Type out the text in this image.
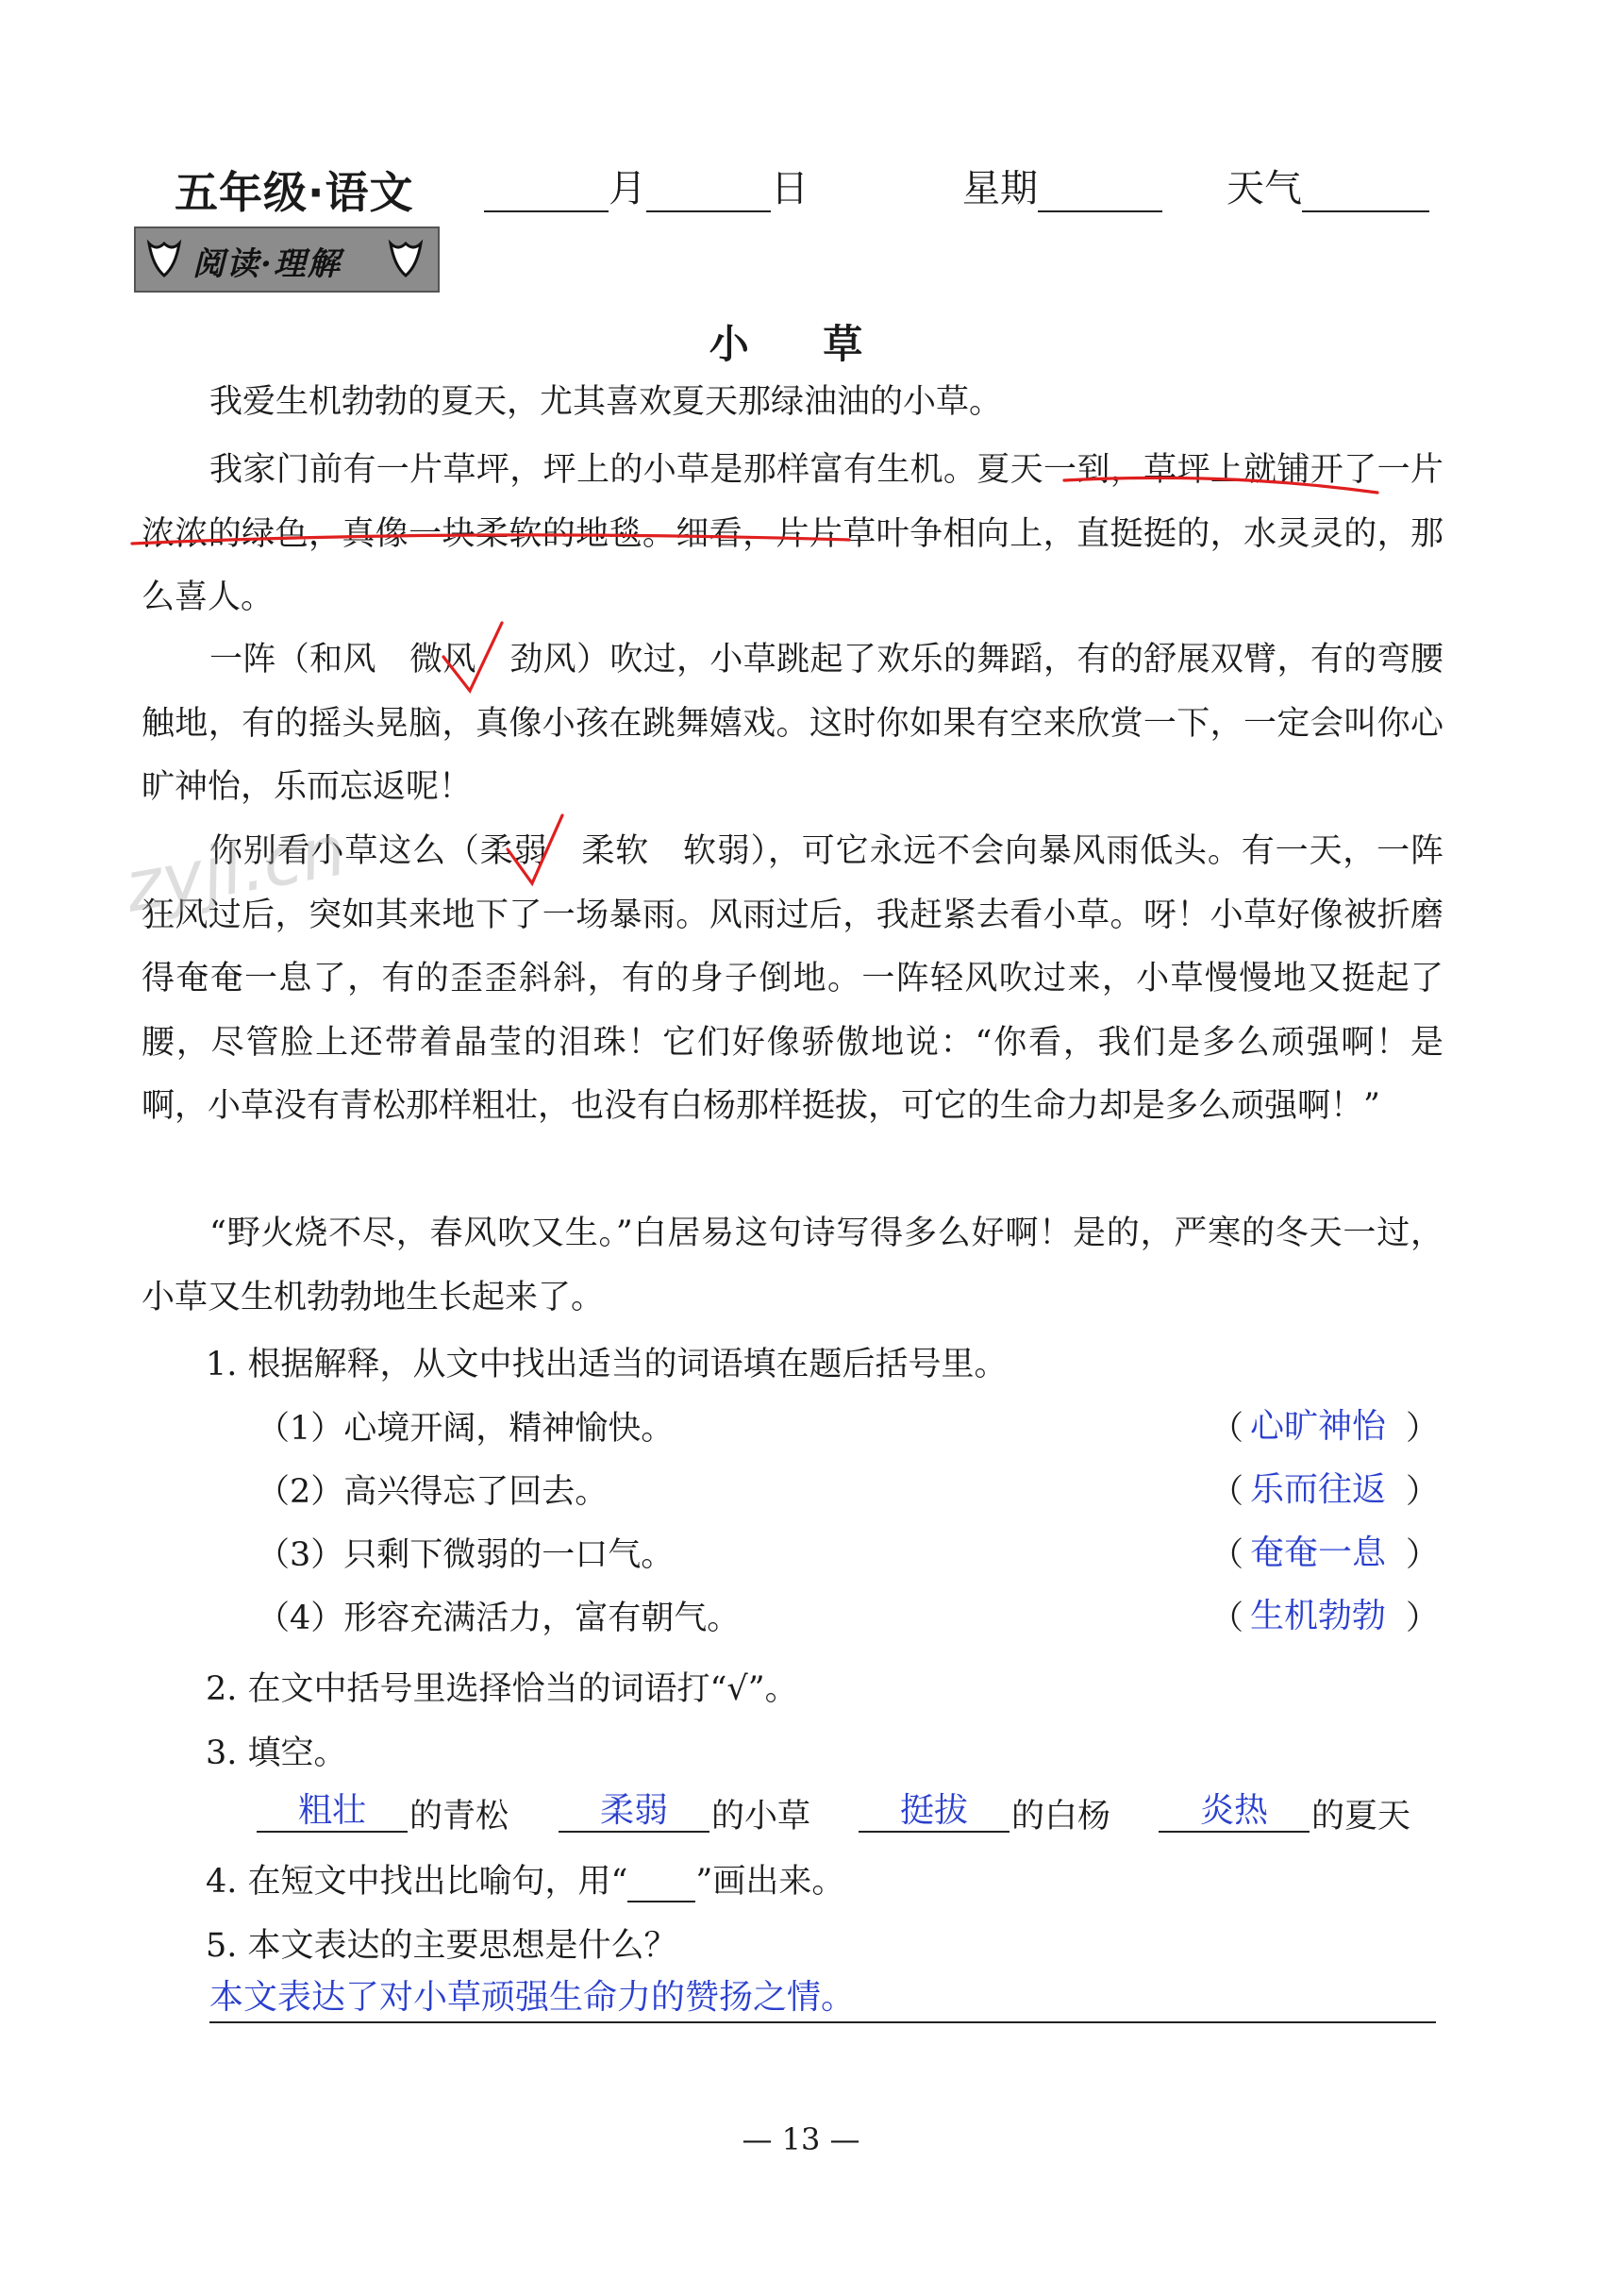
五年级·语文	月	日	星期	天气
阅读·理解
小 草
我爱生机勃勃的夏天，尤其喜欢夏天那绿油油的小草。
我家门前有一片草坪，坪上的小草是那样富有生机。夏天一到，草坪上就铺开了一片浓浓的绿色，真像一块柔软的地毯。细看，片片草叶争相向上，直挺挺的，水灵灵的，那么喜人。
一阵（和风　微风　劲风）吹过，小草跳起了欢乐的舞蹈，有的舒展双臂，有的弯腰触地，有的摇头晃脑，真像小孩在跳舞嬉戏。这时你如果有空来欣赏一下，一定会叫你心旷神怡，乐而忘返呢！
你别看小草这么（柔弱　柔软　软弱），可它永远不会向暴风雨低头。有一天，一阵狂风过后，突如其来地下了一场暴雨。风雨过后，我赶紧去看小草。呀！小草好像被折磨得奄奄一息了，有的歪歪斜斜，有的身子倒地。一阵轻风吹过来，小草慢慢地又挺起了腰，尽管脸上还带着晶莹的泪珠！它们好像骄傲地说：“你看，我们是多么顽强啊！是啊，小草没有青松那样粗壮，也没有白杨那样挺拔，可它的生命力却是多么顽强啊！”
“野火烧不尽，春风吹又生。”白居易这句诗写得多么好啊！是的，严寒的冬天一过，小草又生机勃勃地生长起来了。
zyjl.cn
1. 根据解释，从文中找出适当的词语填在题后括号里。
（1）心境开阔，精神愉快。	（ 心旷神怡 ）
（2）高兴得忘了回去。	（ 乐而往返 ）
（3）只剩下微弱的一口气。	（ 奄奄一息 ）
（4）形容充满活力，富有朝气。	（ 生机勃勃 ）
2. 在文中括号里选择恰当的词语打“√”。
3. 填空。
粗壮	的青松	柔弱	的小草	挺拔	的白杨	炎热	的夏天
4. 在短文中找出比喻句，用“ ”画出来。
5. 本文表达的主要思想是什么？
本文表达了对小草顽强生命力的赞扬之情。
— 13 —
